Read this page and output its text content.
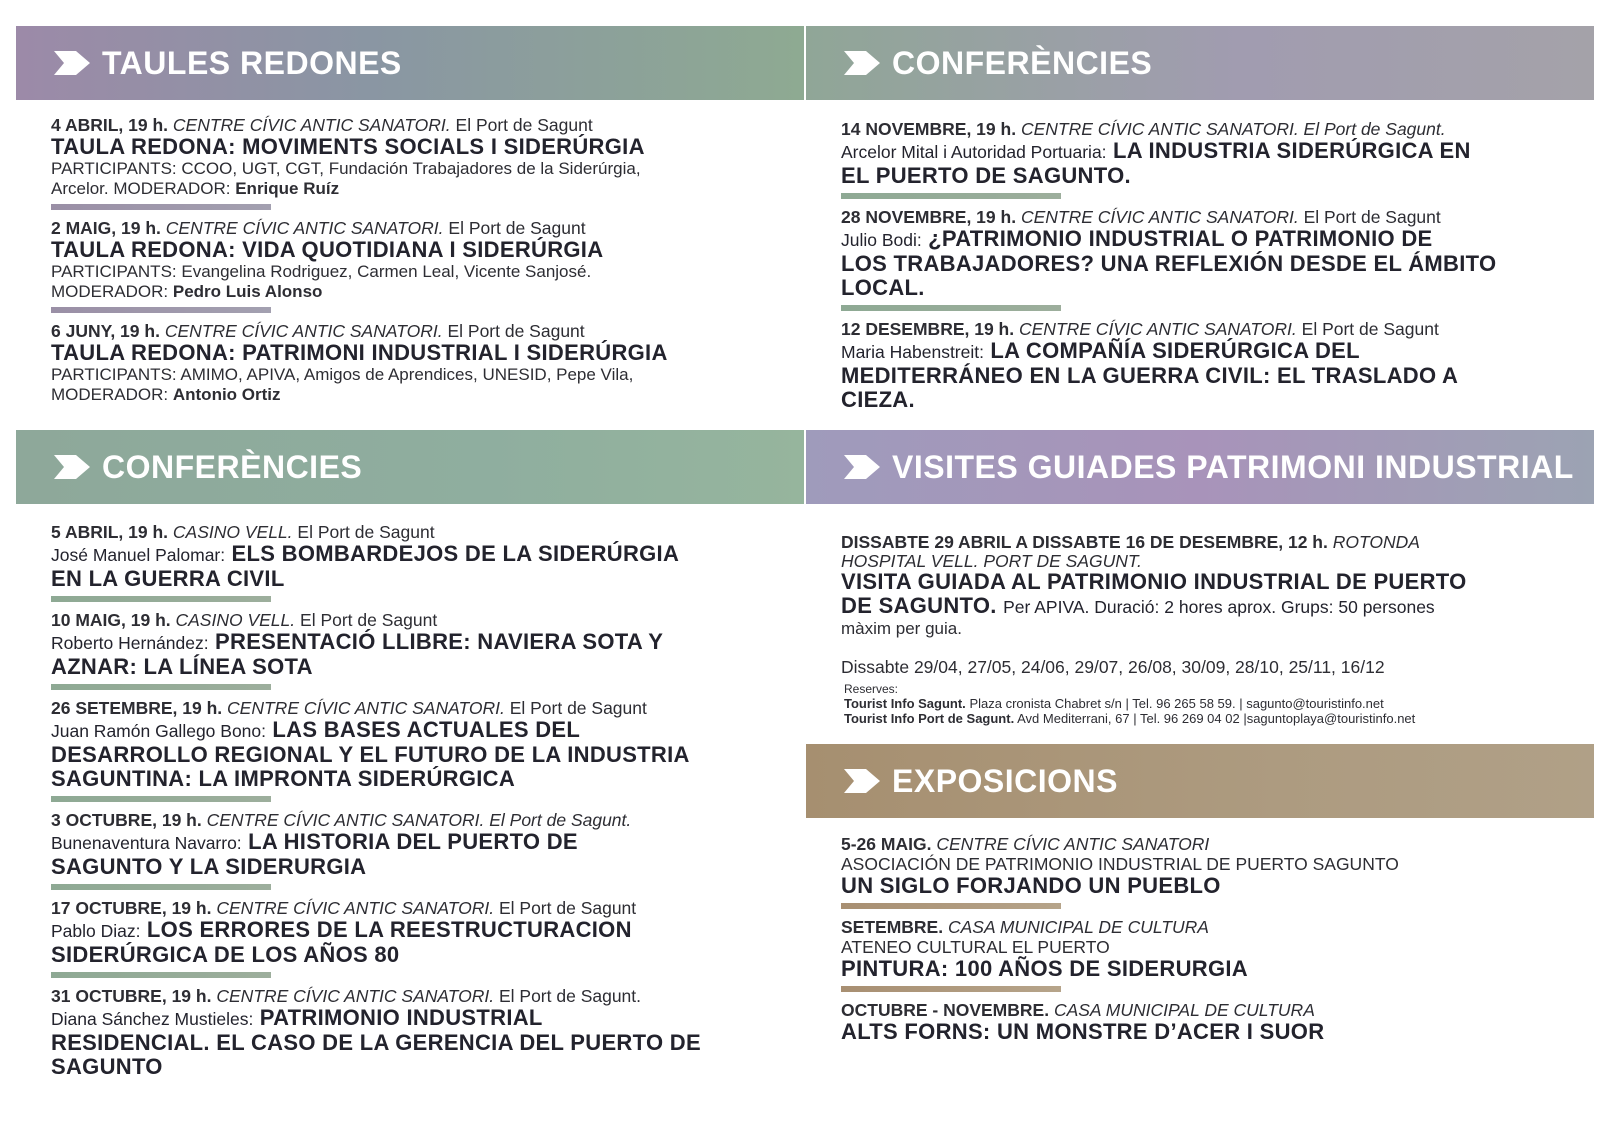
TAULES REDONES
4 ABRIL, 19 h. CENTRE CÍVIC ANTIC SANATORI. El Port de Sagunt
TAULA REDONA: MOVIMENTS SOCIALS I SIDERÚRGIA
PARTICIPANTS: CCOO, UGT, CGT, Fundación Trabajadores de la Siderúrgia,
Arcelor. MODERADOR: Enrique Ruíz
2 MAIG, 19 h. CENTRE CÍVIC ANTIC SANATORI. El Port de Sagunt
TAULA REDONA: VIDA QUOTIDIANA I SIDERÚRGIA
PARTICIPANTS: Evangelina Rodriguez, Carmen Leal, Vicente Sanjosé.
MODERADOR: Pedro Luis Alonso
6 JUNY, 19 h. CENTRE CÍVIC ANTIC SANATORI. El Port de Sagunt
TAULA REDONA: PATRIMONI INDUSTRIAL I SIDERÚRGIA
PARTICIPANTS: AMIMO, APIVA, Amigos de Aprendices, UNESID, Pepe Vila,
MODERADOR: Antonio Ortiz
CONFERÈNCIES
5 ABRIL, 19 h. CASINO VELL. El Port de Sagunt
José Manuel Palomar: ELS BOMBARDEJOS DE LA SIDERÚRGIA
EN LA GUERRA CIVIL
10 MAIG, 19 h. CASINO VELL. El Port de Sagunt
Roberto Hernández: PRESENTACIÓ LLIBRE: NAVIERA SOTA Y
AZNAR: LA LÍNEA SOTA
26 SETEMBRE, 19 h. CENTRE CÍVIC ANTIC SANATORI. El Port de Sagunt
Juan Ramón Gallego Bono: LAS BASES ACTUALES DEL
DESARROLLO REGIONAL Y EL FUTURO DE LA INDUSTRIA
SAGUNTINA: LA IMPRONTA SIDERÚRGICA
3 OCTUBRE, 19 h. CENTRE CÍVIC ANTIC SANATORI. El Port de Sagunt.
Bunenaventura Navarro: LA HISTORIA DEL PUERTO DE
SAGUNTO Y LA SIDERURGIA
17 OCTUBRE, 19 h. CENTRE CÍVIC ANTIC SANATORI. El Port de Sagunt
Pablo Diaz: LOS ERRORES DE LA REESTRUCTURACION
SIDERÚRGICA DE LOS AÑOS 80
31 OCTUBRE, 19 h. CENTRE CÍVIC ANTIC SANATORI. El Port de Sagunt.
Diana Sánchez Mustieles: PATRIMONIO INDUSTRIAL
RESIDENCIAL. EL CASO DE LA GERENCIA DEL PUERTO DE
SAGUNTO
CONFERÈNCIES
14 NOVEMBRE, 19 h. CENTRE CÍVIC ANTIC SANATORI. El Port de Sagunt.
Arcelor Mital i Autoridad Portuaria: LA INDUSTRIA SIDERÚRGICA EN
EL PUERTO DE SAGUNTO.
28 NOVEMBRE, 19 h. CENTRE CÍVIC ANTIC SANATORI. El Port de Sagunt
Julio Bodi: ¿PATRIMONIO INDUSTRIAL O PATRIMONIO DE
LOS TRABAJADORES? UNA REFLEXIÓN DESDE EL ÁMBITO
LOCAL.
12 DESEMBRE, 19 h. CENTRE CÍVIC ANTIC SANATORI. El Port de Sagunt
Maria Habenstreit: LA COMPAÑÍA SIDERÚRGICA DEL
MEDITERRÁNEO EN LA GUERRA CIVIL: EL TRASLADO A
CIEZA.
VISITES GUIADES PATRIMONI INDUSTRIAL
DISSABTE 29 ABRIL A DISSABTE 16 DE DESEMBRE, 12 h. ROTONDA
HOSPITAL VELL. PORT DE SAGUNT.
VISITA GUIADA AL PATRIMONIO INDUSTRIAL DE PUERTO
DE SAGUNTO. Per APIVA. Duració: 2 hores aprox. Grups: 50 persones
màxim per guia.
Dissabte 29/04, 27/05, 24/06, 29/07, 26/08, 30/09, 28/10, 25/11, 16/12
Reserves:
Tourist Info Sagunt. Plaza cronista Chabret s/n | Tel. 96 265 58 59. | sagunto@touristinfo.net
Tourist Info Port de Sagunt. Avd Mediterrani, 67 | Tel. 96 269 04 02 |saguntoplaya@touristinfo.net
EXPOSICIONS
5-26 MAIG. CENTRE CÍVIC ANTIC SANATORI
ASOCIACIÓN DE PATRIMONIO INDUSTRIAL DE PUERTO SAGUNTO
UN SIGLO FORJANDO UN PUEBLO
SETEMBRE. CASA MUNICIPAL DE CULTURA
ATENEO CULTURAL EL PUERTO
PINTURA: 100 AÑOS DE SIDERURGIA
OCTUBRE - NOVEMBRE. CASA MUNICIPAL DE CULTURA
ALTS FORNS: UN MONSTRE D’ACER I SUOR
